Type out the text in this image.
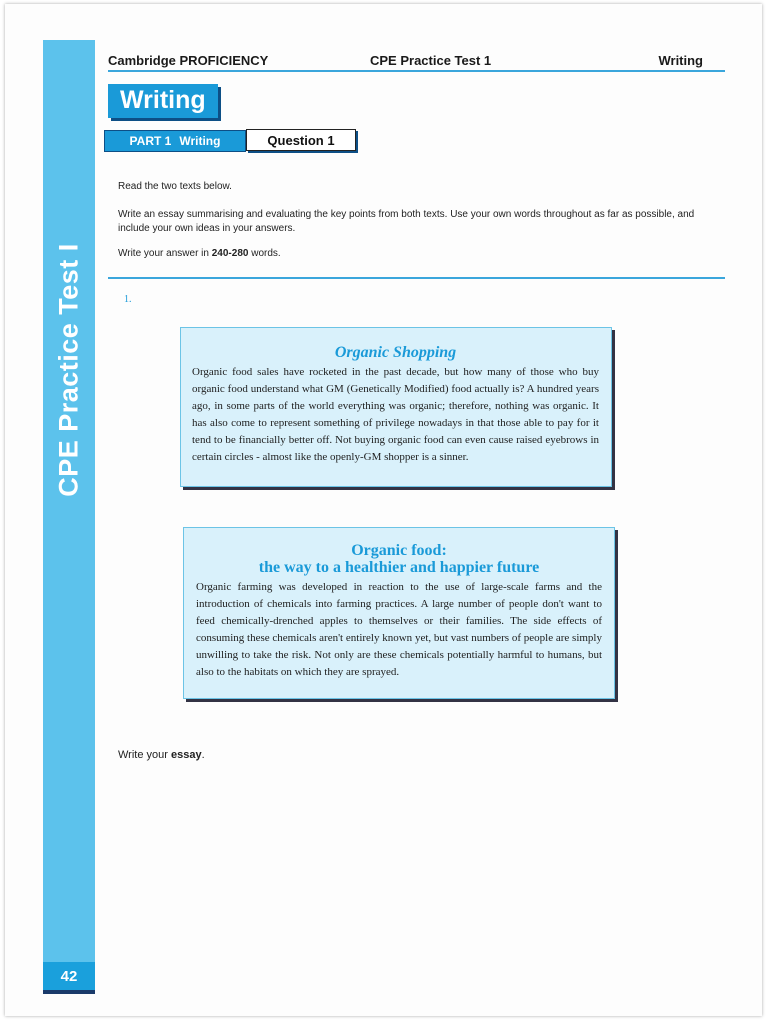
CPE Practice Test I
42
Cambridge PROFICIENCY	CPE Practice Test 1	Writing
Writing
PART 1 Writing	Question 1
Read the two texts below.
Write an essay summarising and evaluating the key points from both texts. Use your own words throughout as far as possible, and include your own ideas in your answers.
Write your answer in 240-280 words.
1.
Organic Shopping
Organic food sales have rocketed in the past decade, but how many of those who buy organic food understand what GM (Genetically Modified) food actually is? A hundred years ago, in some parts of the world everything was organic; therefore, nothing was organic. It has also come to represent something of privilege nowadays in that those able to pay for it tend to be financially better off. Not buying organic food can even cause raised eyebrows in certain circles - almost like the openly-GM shopper is a sinner.
Organic food:
the way to a healthier and happier future
Organic farming was developed in reaction to the use of large-scale farms and the introduction of chemicals into farming practices. A large number of people don't want to feed chemically-drenched apples to themselves or their families. The side effects of consuming these chemicals aren't entirely known yet, but vast numbers of people are simply unwilling to take the risk. Not only are these chemicals potentially harmful to humans, but also to the habitats on which they are sprayed.
Write your essay.
